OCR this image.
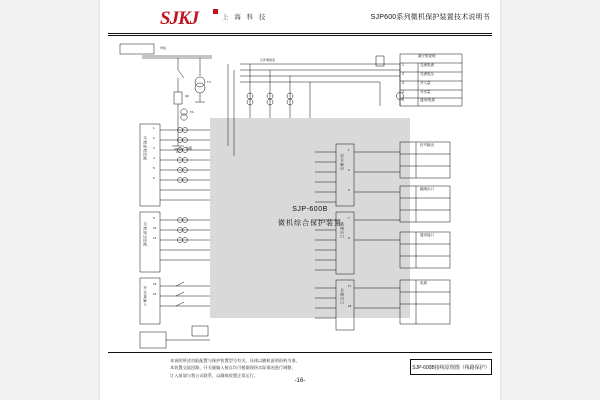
SJKJ	上 海 科 技	SJP600系列微机保护装置技术说明书
SJP-600B
微机综合保护装置
交流电流回路
交流电压回路
开关量输入
信号输出
跳闸出口
合闸出口
信号输出
跳闸出口
通讯接口
电源
端子排说明
1	交流电流
2	交流电压
3	开入量
4	开出量
5	通讯/电源
母线
TA
TV
QF
线路
元件明细表
1
2
3
4
5
6
9
10
11
15
16
1
2
3
7
8
17
18
本说明所述功能配置与保护装置型号有关，具体以随机说明资料为准。
本装置交流回路、开关量输入接点均可根据现场实际情况进行调整，
订入前请与我公司联系，以确保装置正常运行。
SJP-600B接线原理图（线路保护）
-16-
